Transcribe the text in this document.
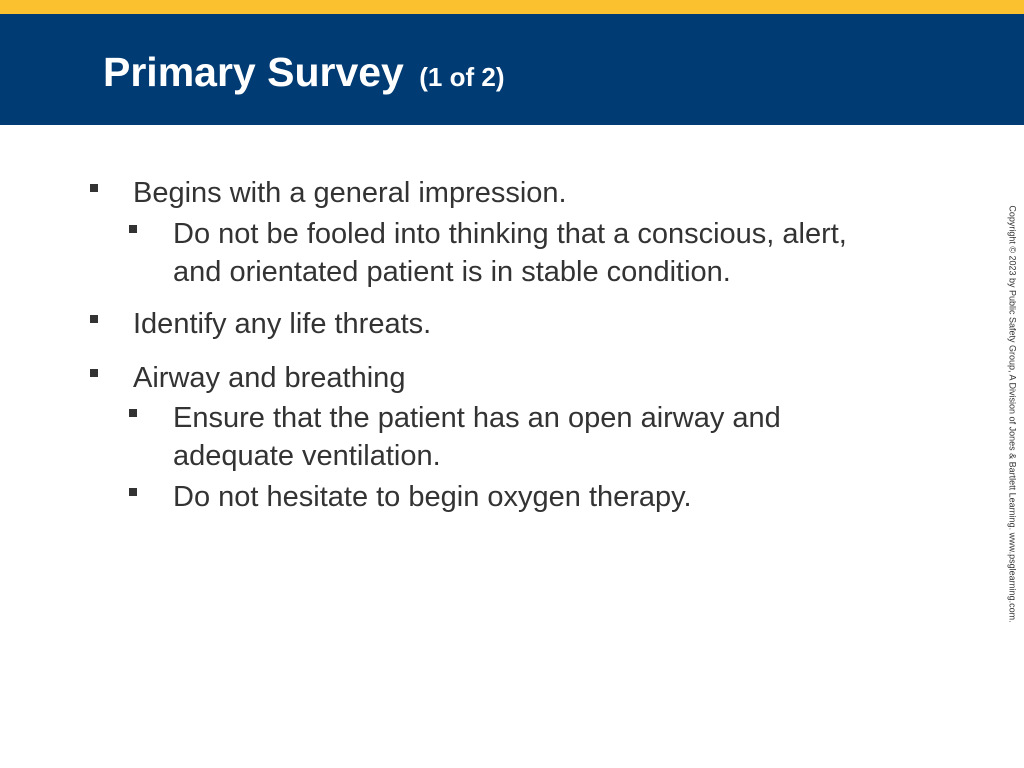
Primary Survey (1 of 2)

Begins with a general impression.

Do not be fooled into thinking that a conscious, alert,

and orientated patient is in stable condition.

Identify any life threats.

Airway and breathing

Ensure that the patient has an open airway and

adequate ventilation.

Do not hesitate to begin oxygen therapy.	Copyright © 2023 by Public Safety Group, A Division of Jones & Bartlett Learning. www.psglearning.com.
